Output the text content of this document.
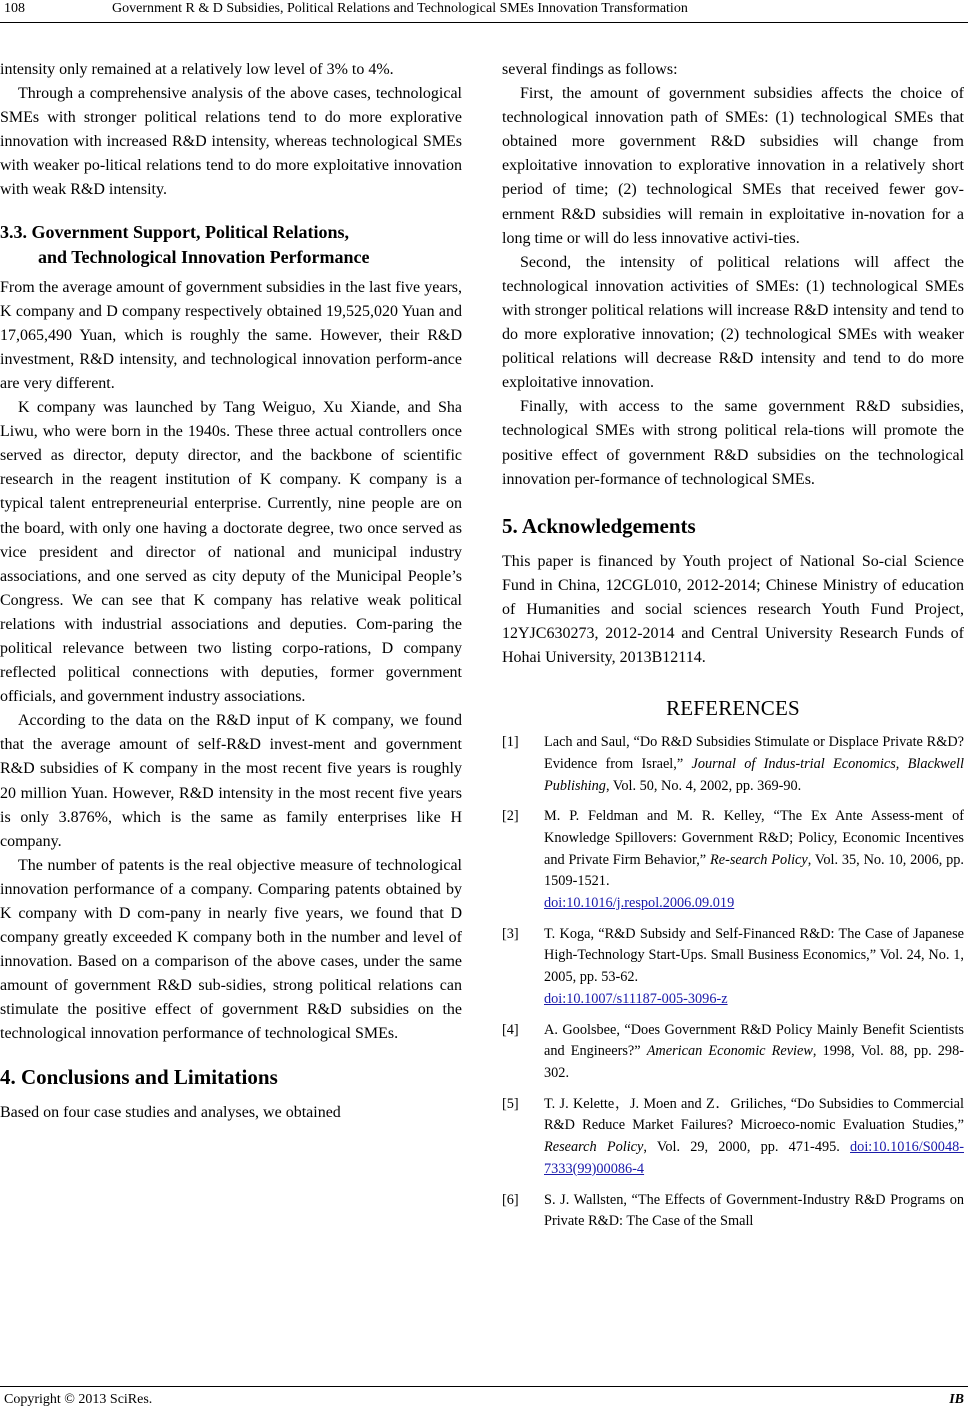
108	Government R & D Subsidies, Political Relations and Technological SMEs Innovation Transformation

intensity only remained at a relatively low level of 3% to 4%.

Through a comprehensive analysis of the above cases, technological SMEs with stronger political relations tend to do more explorative innovation with increased R&D intensity, whereas technological SMEs with weaker po-litical relations tend to do more exploitative innovation with weak R&D intensity.

3.3. Government Support, Political Relations,
and Technological Innovation Performance

From the average amount of government subsidies in the last five years, K company and D company respectively obtained 19,525,020 Yuan and 17,065,490 Yuan, which is roughly the same. However, their R&D investment, R&D intensity, and technological innovation perform-ance are very different.

K company was launched by Tang Weiguo, Xu Xiande, and Sha Liwu, who were born in the 1940s. These three actual controllers once served as director, deputy director, and the backbone of scientific research in the reagent institution of K company. K company is a typical talent entrepreneurial enterprise. Currently, nine people are on the board, with only one having a doctorate degree, two once served as vice president and director of national and municipal industry associations, and one served as city deputy of the Municipal People’s Congress. We can see that K company has relative weak political relations with industrial associations and deputies. Com-paring the political relevance between two listing corpo-rations, D company reflected political connections with deputies, former government officials, and government industry associations.

According to the data on the R&D input of K company, we found that the average amount of self-R&D invest-ment and government R&D subsidies of K company in the most recent five years is roughly 20 million Yuan. However, R&D intensity in the most recent five years is only 3.876%, which is the same as family enterprises like H company.

The number of patents is the real objective measure of technological innovation performance of a company. Comparing patents obtained by K company with D com-pany in nearly five years, we found that D company greatly exceeded K company both in the number and level of innovation. Based on a comparison of the above cases, under the same amount of government R&D sub-sidies, strong political relations can stimulate the positive effect of government R&D subsidies on the technological innovation performance of technological SMEs.

4. Conclusions and Limitations

Based on four case studies and analyses, we obtained

several findings as follows:

First, the amount of government subsidies affects the choice of technological innovation path of SMEs: (1) technological SMEs that obtained more government R&D subsidies will change from exploitative innovation to explorative innovation in a relatively short period of time; (2) technological SMEs that received fewer gov-ernment R&D subsidies will remain in exploitative in-novation for a long time or will do less innovative activi-ties.

Second, the intensity of political relations will affect the technological innovation activities of SMEs: (1) technological SMEs with stronger political relations will increase R&D intensity and tend to do more explorative innovation; (2) technological SMEs with weaker political relations will decrease R&D intensity and tend to do more exploitative innovation.

Finally, with access to the same government R&D subsidies, technological SMEs with strong political rela-tions will promote the positive effect of government R&D subsidies on the technological innovation per-formance of technological SMEs.

5. Acknowledgements

This paper is financed by Youth project of National So-cial Science Fund in China, 12CGL010, 2012-2014; Chinese Ministry of education of Humanities and social sciences research Youth Fund Project, 12YJC630273, 2012-2014 and Central University Research Funds of Hohai University, 2013B12114.

REFERENCES
[1] Lach and Saul, “Do R&D Subsidies Stimulate or Displace Private R&D? Evidence from Israel,” Journal of Indus-trial Economics, Blackwell Publishing, Vol. 50, No. 4, 2002, pp. 369-90.
[2] M. P. Feldman and M. R. Kelley, “The Ex Ante Assess-ment of Knowledge Spillovers: Government R&D; Policy, Economic Incentives and Private Firm Behavior,” Re-search Policy, Vol. 35, No. 10, 2006, pp. 1509-1521.
doi:10.1016/j.respol.2006.09.019
[3] T. Koga, “R&D Subsidy and Self-Financed R&D: The Case of Japanese High-Technology Start-Ups. Small Business Economics,” Vol. 24, No. 1, 2005, pp. 53-62.
doi:10.1007/s11187-005-3096-z
[4] A. Goolsbee, “Does Government R&D Policy Mainly Benefit Scientists and Engineers?” American Economic Review, 1998, Vol. 88, pp. 298-302.
[5] T. J. Kelette，J. Moen and Z．Griliches, “Do Subsidies to Commercial R&D Reduce Market Failures? Microeco-nomic Evaluation Studies,” Research Policy, Vol. 29, 2000, pp. 471-495. doi:10.1016/S0048-7333(99)00086-4
[6] S. J. Wallsten, “The Effects of Government-Industry R&D Programs on Private R&D: The Case of the Small
Copyright © 2013 SciRes.	IB
